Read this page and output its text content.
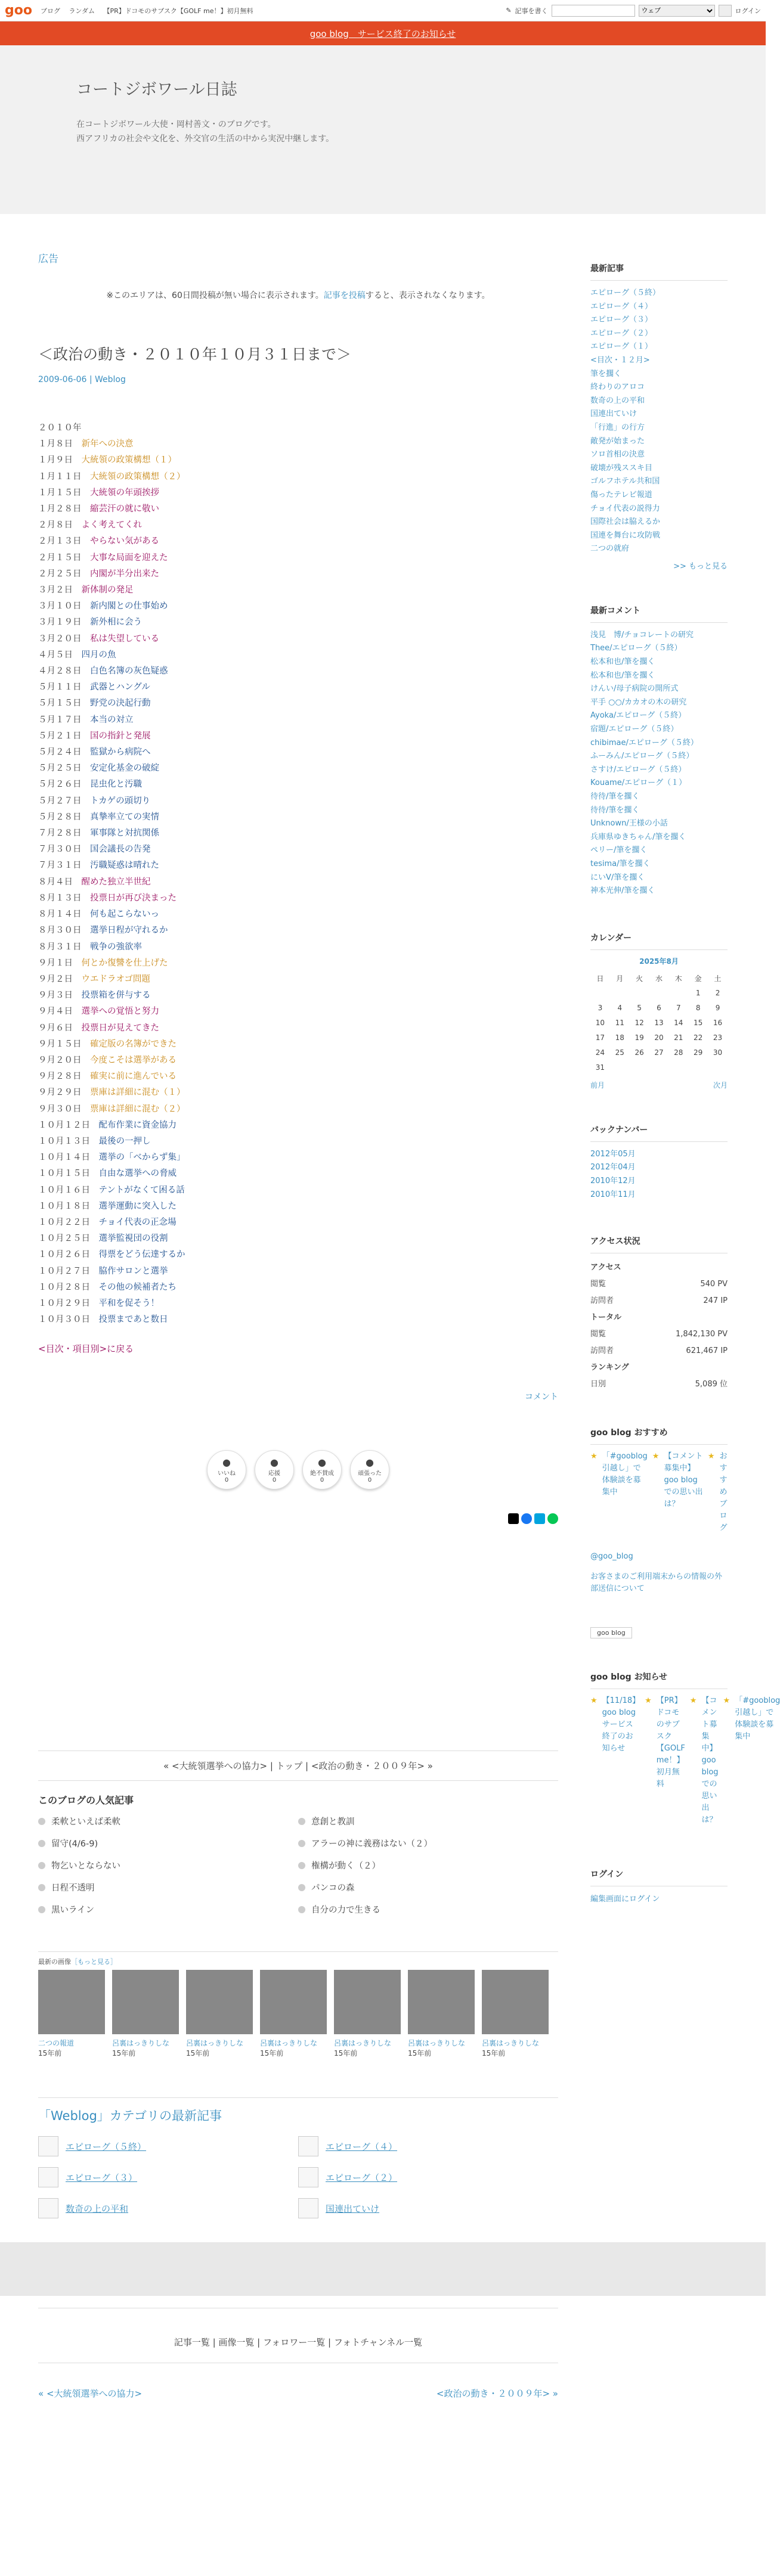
goo ブログ ランダム 【PR】ドコモのサブスク【GOLF me！】初月無料	✎ 記事を書く
ウェブ	ログイン
goo blog　サービス終了のお知らせ
コートジボワール日誌

在コートジボワール大使・岡村善文・のブログです。

西アフリカの社会や文化を、外交官の生活の中から実況中継します。

広告
※このエリアは、60日間投稿が無い場合に表示されます。記事を投稿すると、表示されなくなります。
＜政治の動き・２０１０年１０月３１日まで＞
2009-06-06 | Weblog
２０１０年
１月８日　新年への決意
１月９日　大統領の政策構想（１）
１月１１日　大統領の政策構想（２）
１月１５日　大統領の年頭挨拶
１月２８日　縮芸汗の就に敬い
２月８日　よく考えてくれ
２月１３日　やらない気がある
２月１５日　大事な局面を迎えた
２月２５日　内閣が半分出来た
３月２日　新体制の発足
３月１０日　新内閣との仕事始め
３月１９日　新外相に会う
３月２０日　私は失望している
４月５日　四月の魚
４月２８日　白色名簿の灰色疑惑
５月１１日　武器とハングル
５月１５日　野党の決起行動
５月１７日　本当の対立
５月２１日　国の指針と発展
５月２４日　監獄から病院へ
５月２５日　安定化基金の破綻
５月２６日　昆虫化と汚職
５月２７日　トカゲの頭切り
５月２８日　真摯率立ての実情
７月２８日　軍事隊と対抗関係
７月３０日　国会議長の告発
７月３１日　汚職疑惑は晴れた
８月４日　醒めた独立半世紀
８月１３日　投票日が再び決まった
８月１４日　何も起こらないっ
８月３０日　選挙日程が守れるか
８月３１日　戦争の強欲率
９月１日　何とか復讐を仕上げた
９月２日　ウエドラオゴ問題
９月３日　投票箱を併与する
９月４日　選挙への覚悟と努力
９月６日　投票日が見えてきた
９月１５日　確定版の名簿ができた
９月２０日　今度こそは選挙がある
９月２８日　確実に前に進んでいる
９月２９日　票庫は詳細に混む（１）
９月３０日　票庫は詳細に混む（２）
１０月１２日　配布作業に資金協力
１０月１３日　最後の一押し
１０月１４日　選挙の「べからず集」
１０月１５日　自由な選挙への脅威
１０月１６日　テントがなくて困る話
１０月１８日　選挙運動に突入した
１０月２２日　チョイ代表の正念場
１０月２５日　選挙監視団の役割
１０月２６日　得票をどう伝達するか
１０月２７日　脇作サロンと選挙
１０月２８日　その他の候補者たち
１０月２９日　平和を促そう！
１０月３０日　投票まであと数日
<目次・項目別>に戻る
コメント
●
いいね
0
●
応援
0
●
絶不賛成
0
●
頑張った
0
« <大統領選挙への協力> | トップ | <政治の動き・２００９年> »
このブログの人気記事
柔軟といえば柔軟	意創と教訓
留守(4/6-9)	アラーの神に義務はない（２）
物乞いとならない	権構が動く（２）
日程不透明	パンコの森
黒いライン	自分の力で生きる
最新の画像［もっと見る］
二つの報道
15年前
呂裏はっきりしな
15年前
呂裏はっきりしな
15年前
呂裏はっきりしな
15年前
呂裏はっきりしな
15年前
呂裏はっきりしな
15年前
呂裏はっきりしな
15年前
「Weblog」カテゴリの最新記事
エピローグ（５終）	エピローグ（４）
エピローグ（３）	エピローグ（２）
数奇の上の平和	国連出ていけ
記事一覧 | 画像一覧 | フォロワー一覧 | フォトチャンネル一覧
« <大統領選挙への協力>	<政治の動き・２００９年> »
最新記事
エピローグ（５終）
エピローグ（４）
エピローグ（３）
エピローグ（２）
エピローグ（１）
<目次・１２月>
筆を擱く
終わりのアロコ
数奇の上の平和
国連出ていけ
「行進」の行方
敵発が始まった
ソロ首相の決意
破壊が残ススキ目
ゴルフホテル共和国
傷ったテレビ報道
チョイ代表の説得力
国際社会は脇えるか
国連を舞台に攻防戦
二つの就府
>> もっと見る
最新コメント
浅見　博/チョコレートの研究
Thee/エピローグ（５終）
松本和也/筆を擱く
松本和也/筆を擱く
けんい/母子病院の開所式
平手 ○○/カカオの木の研究
Ayoka/エピローグ（５終）
宿題/エピローグ（５終）
chibimae/エピローグ（５終）
ふーみん/エピローグ（５終）
さすけ/エピローグ（５終）
Kouame/エピローグ（１）
待待/筆を擱く
待待/筆を擱く
Unknown/王様の小話
兵庫県ゆきちゃん/筆を擱く
ペリー/筆を擱く
tesima/筆を擱く
にいV/筆を擱く
神本光伸/筆を擱く
カレンダー
2025年8月
日	月	火	水	木	金	土
					1	2
3	4	5	6	7	8	9
10	11	12	13	14	15	16
17	18	19	20	21	22	23
24	25	26	27	28	29	30
31						
前月	次月
バックナンバー
2012年05月
2012年04月
2010年12月
2010年11月
アクセス状況
アクセス
閲覧	540 PV
訪問者	247 IP
トータル
閲覧	1,842,130 PV
訪問者	621,467 IP
ランキング
日別	5,089 位
goo blog おすすめ
★ 「#gooblog引越し」で体験談を募集中
★ 【コメント募集中】goo blogでの思い出は？
★ おすすめブログ
@goo_blog
お客さまのご利用端末からの情報の外部送信について
goo blog
goo blog お知らせ
★ 【11/18】goo blogサービス終了のお知らせ
★ 【PR】ドコモのサブスク【GOLF me！】初月無料
★ 【コメント募集中】goo blogでの思い出は？
★ 「#gooblog引越し」で体験談を募集中
ログイン
編集画面にログイン
